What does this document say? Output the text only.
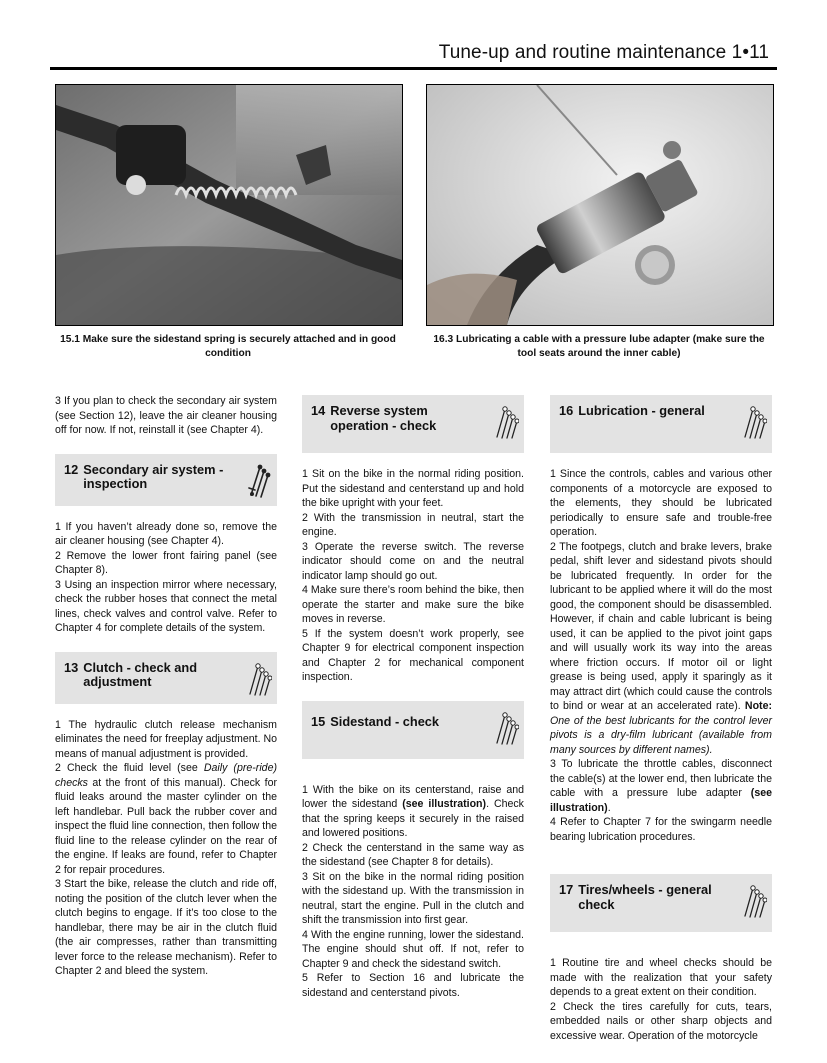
Tune-up and routine maintenance 1•11
15.1 Make sure the sidestand spring is securely attached and in good condition
16.3 Lubricating a cable with a pressure lube adapter (make sure the tool seats around the inner cable)

3 If you plan to check the secondary air system (see Section 12), leave the air cleaner housing off for now. If not, reinstall it (see Chapter 4).

12 Secondary air system - inspection

1 If you haven’t already done so, remove the air cleaner housing (see Chapter 4).

2 Remove the lower front fairing panel (see Chapter 8).

3 Using an inspection mirror where necessary, check the rubber hoses that connect the metal lines, check valves and control valve. Refer to Chapter 4 for complete details of the system.

13 Clutch - check and adjustment

1 The hydraulic clutch release mechanism eliminates the need for freeplay adjustment. No means of manual adjustment is provided.

2 Check the fluid level (see Daily (pre-ride) checks at the front of this manual). Check for fluid leaks around the master cylinder on the left handlebar. Pull back the rubber cover and inspect the fluid line connection, then follow the fluid line to the release cylinder on the rear of the engine. If leaks are found, refer to Chapter 2 for repair procedures.

3 Start the bike, release the clutch and ride off, noting the position of the clutch lever when the clutch begins to engage. If it’s too close to the handlebar, there may be air in the clutch fluid (the air compresses, rather than transmitting lever force to the release mechanism). Refer to Chapter 2 and bleed the system.

14 Reverse system operation - check

1 Sit on the bike in the normal riding position. Put the sidestand and centerstand up and hold the bike upright with your feet.

2 With the transmission in neutral, start the engine.

3 Operate the reverse switch. The reverse indicator should come on and the neutral indicator lamp should go out.

4 Make sure there’s room behind the bike, then operate the starter and make sure the bike moves in reverse.

5 If the system doesn’t work properly, see Chapter 9 for electrical component inspection and Chapter 2 for mechanical component inspection.

15 Sidestand - check

1 With the bike on its centerstand, raise and lower the sidestand (see illustration). Check that the spring keeps it securely in the raised and lowered positions.

2 Check the centerstand in the same way as the sidestand (see Chapter 8 for details).

3 Sit on the bike in the normal riding position with the sidestand up. With the transmission in neutral, start the engine. Pull in the clutch and shift the transmission into first gear.

4 With the engine running, lower the sidestand. The engine should shut off. If not, refer to Chapter 9 and check the sidestand switch.

5 Refer to Section 16 and lubricate the sidestand and centerstand pivots.

16 Lubrication - general

1 Since the controls, cables and various other components of a motorcycle are exposed to the elements, they should be lubricated periodically to ensure safe and trouble-free operation.

2 The footpegs, clutch and brake levers, brake pedal, shift lever and sidestand pivots should be lubricated frequently. In order for the lubricant to be applied where it will do the most good, the component should be disassembled. However, if chain and cable lubricant is being used, it can be applied to the pivot joint gaps and will usually work its way into the areas where friction occurs. If motor oil or light grease is being used, apply it sparingly as it may attract dirt (which could cause the controls to bind or wear at an accelerated rate). Note: One of the best lubricants for the control lever pivots is a dry-film lubricant (available from many sources by different names).

3 To lubricate the throttle cables, disconnect the cable(s) at the lower end, then lubricate the cable with a pressure lube adapter (see illustration).

4 Refer to Chapter 7 for the swingarm needle bearing lubrication procedures.

17 Tires/wheels - general check

1 Routine tire and wheel checks should be made with the realization that your safety depends to a great extent on their condition.

2 Check the tires carefully for cuts, tears, embedded nails or other sharp objects and excessive wear. Operation of the motorcycle
